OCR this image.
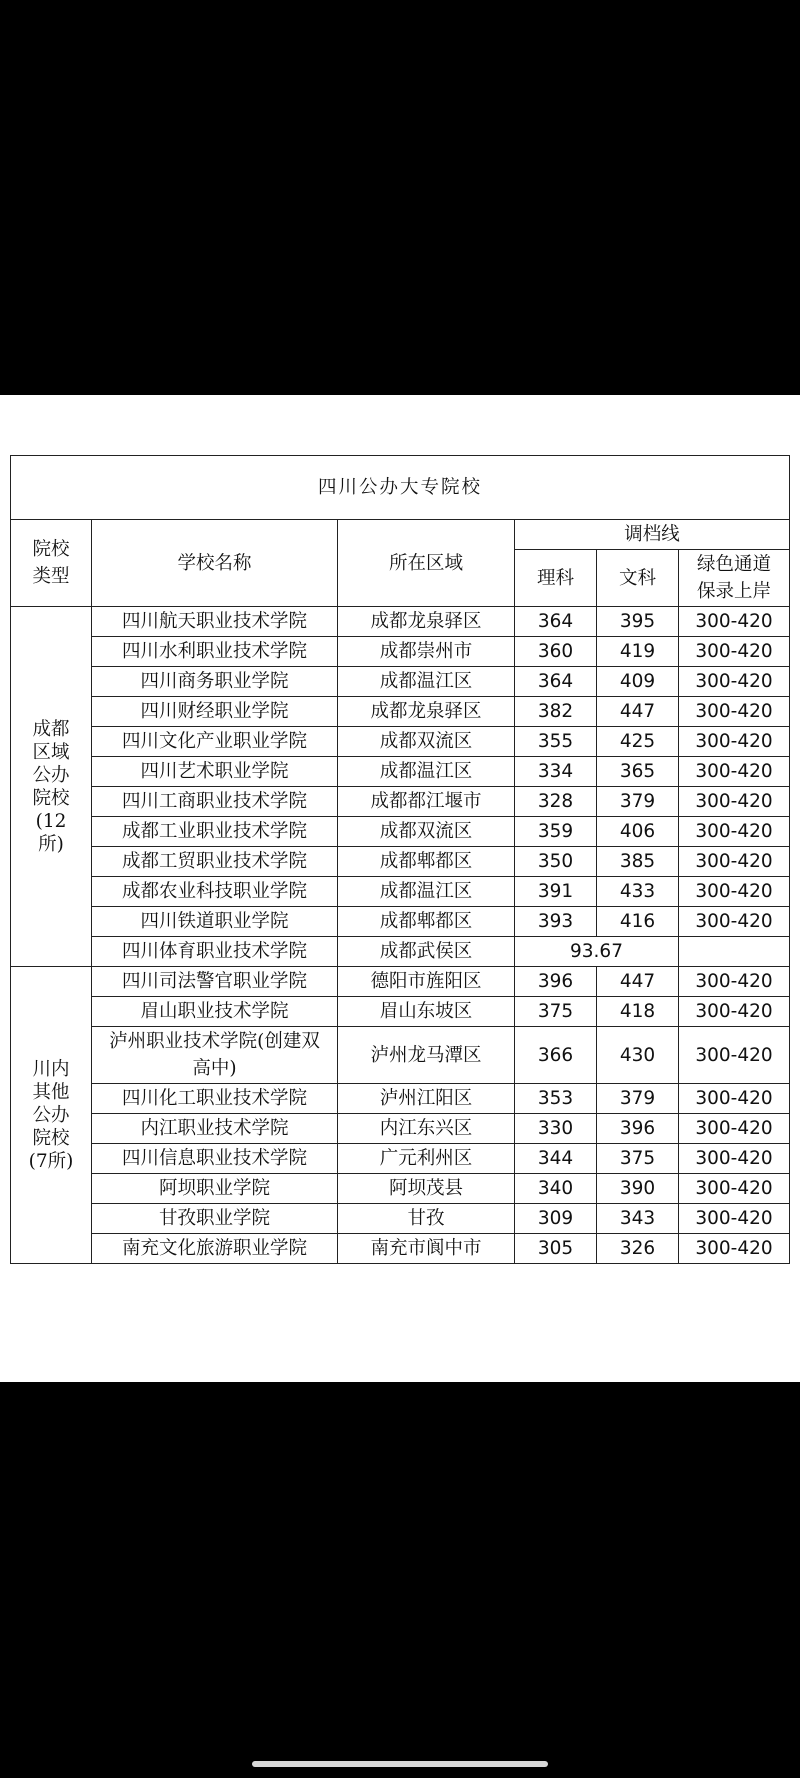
四川公办大专院校					

院校类型	学校名称	所在区域	调档线		
			理科	文科	绿色通道保录上岸

成都区域公办院校(12所)	四川航天职业技术学院	成都龙泉驿区	364	395	300-420
	四川水利职业技术学院	成都崇州市	360	419	300-420
	四川商务职业学院	成都温江区	364	409	300-420
	四川财经职业学院	成都龙泉驿区	382	447	300-420
	四川文化产业职业学院	成都双流区	355	425	300-420
	四川艺术职业学院	成都温江区	334	365	300-420
	四川工商职业技术学院	成都都江堰市	328	379	300-420
	成都工业职业技术学院	成都双流区	359	406	300-420
	成都工贸职业技术学院	成都郫都区	350	385	300-420
	成都农业科技职业学院	成都温江区	391	433	300-420
	四川铁道职业学院	成都郫都区	393	416	300-420
	四川体育职业技术学院	成都武侯区	93.67		

川内其他公办院校(7所)	四川司法警官职业学院	德阳市旌阳区	396	447	300-420
	眉山职业技术学院	眉山东坡区	375	418	300-420

	泸州职业技术学院(创建双高中)	泸州龙马潭区	366	430	300-420
	四川化工职业技术学院	泸州江阳区	353	379	300-420
	内江职业技术学院	内江东兴区	330	396	300-420
	四川信息职业技术学院	广元利州区	344	375	300-420
	阿坝职业学院	阿坝茂县	340	390	300-420
	甘孜职业学院	甘孜	309	343	300-420
	南充文化旅游职业学院	南充市阆中市	305	326	300-420
